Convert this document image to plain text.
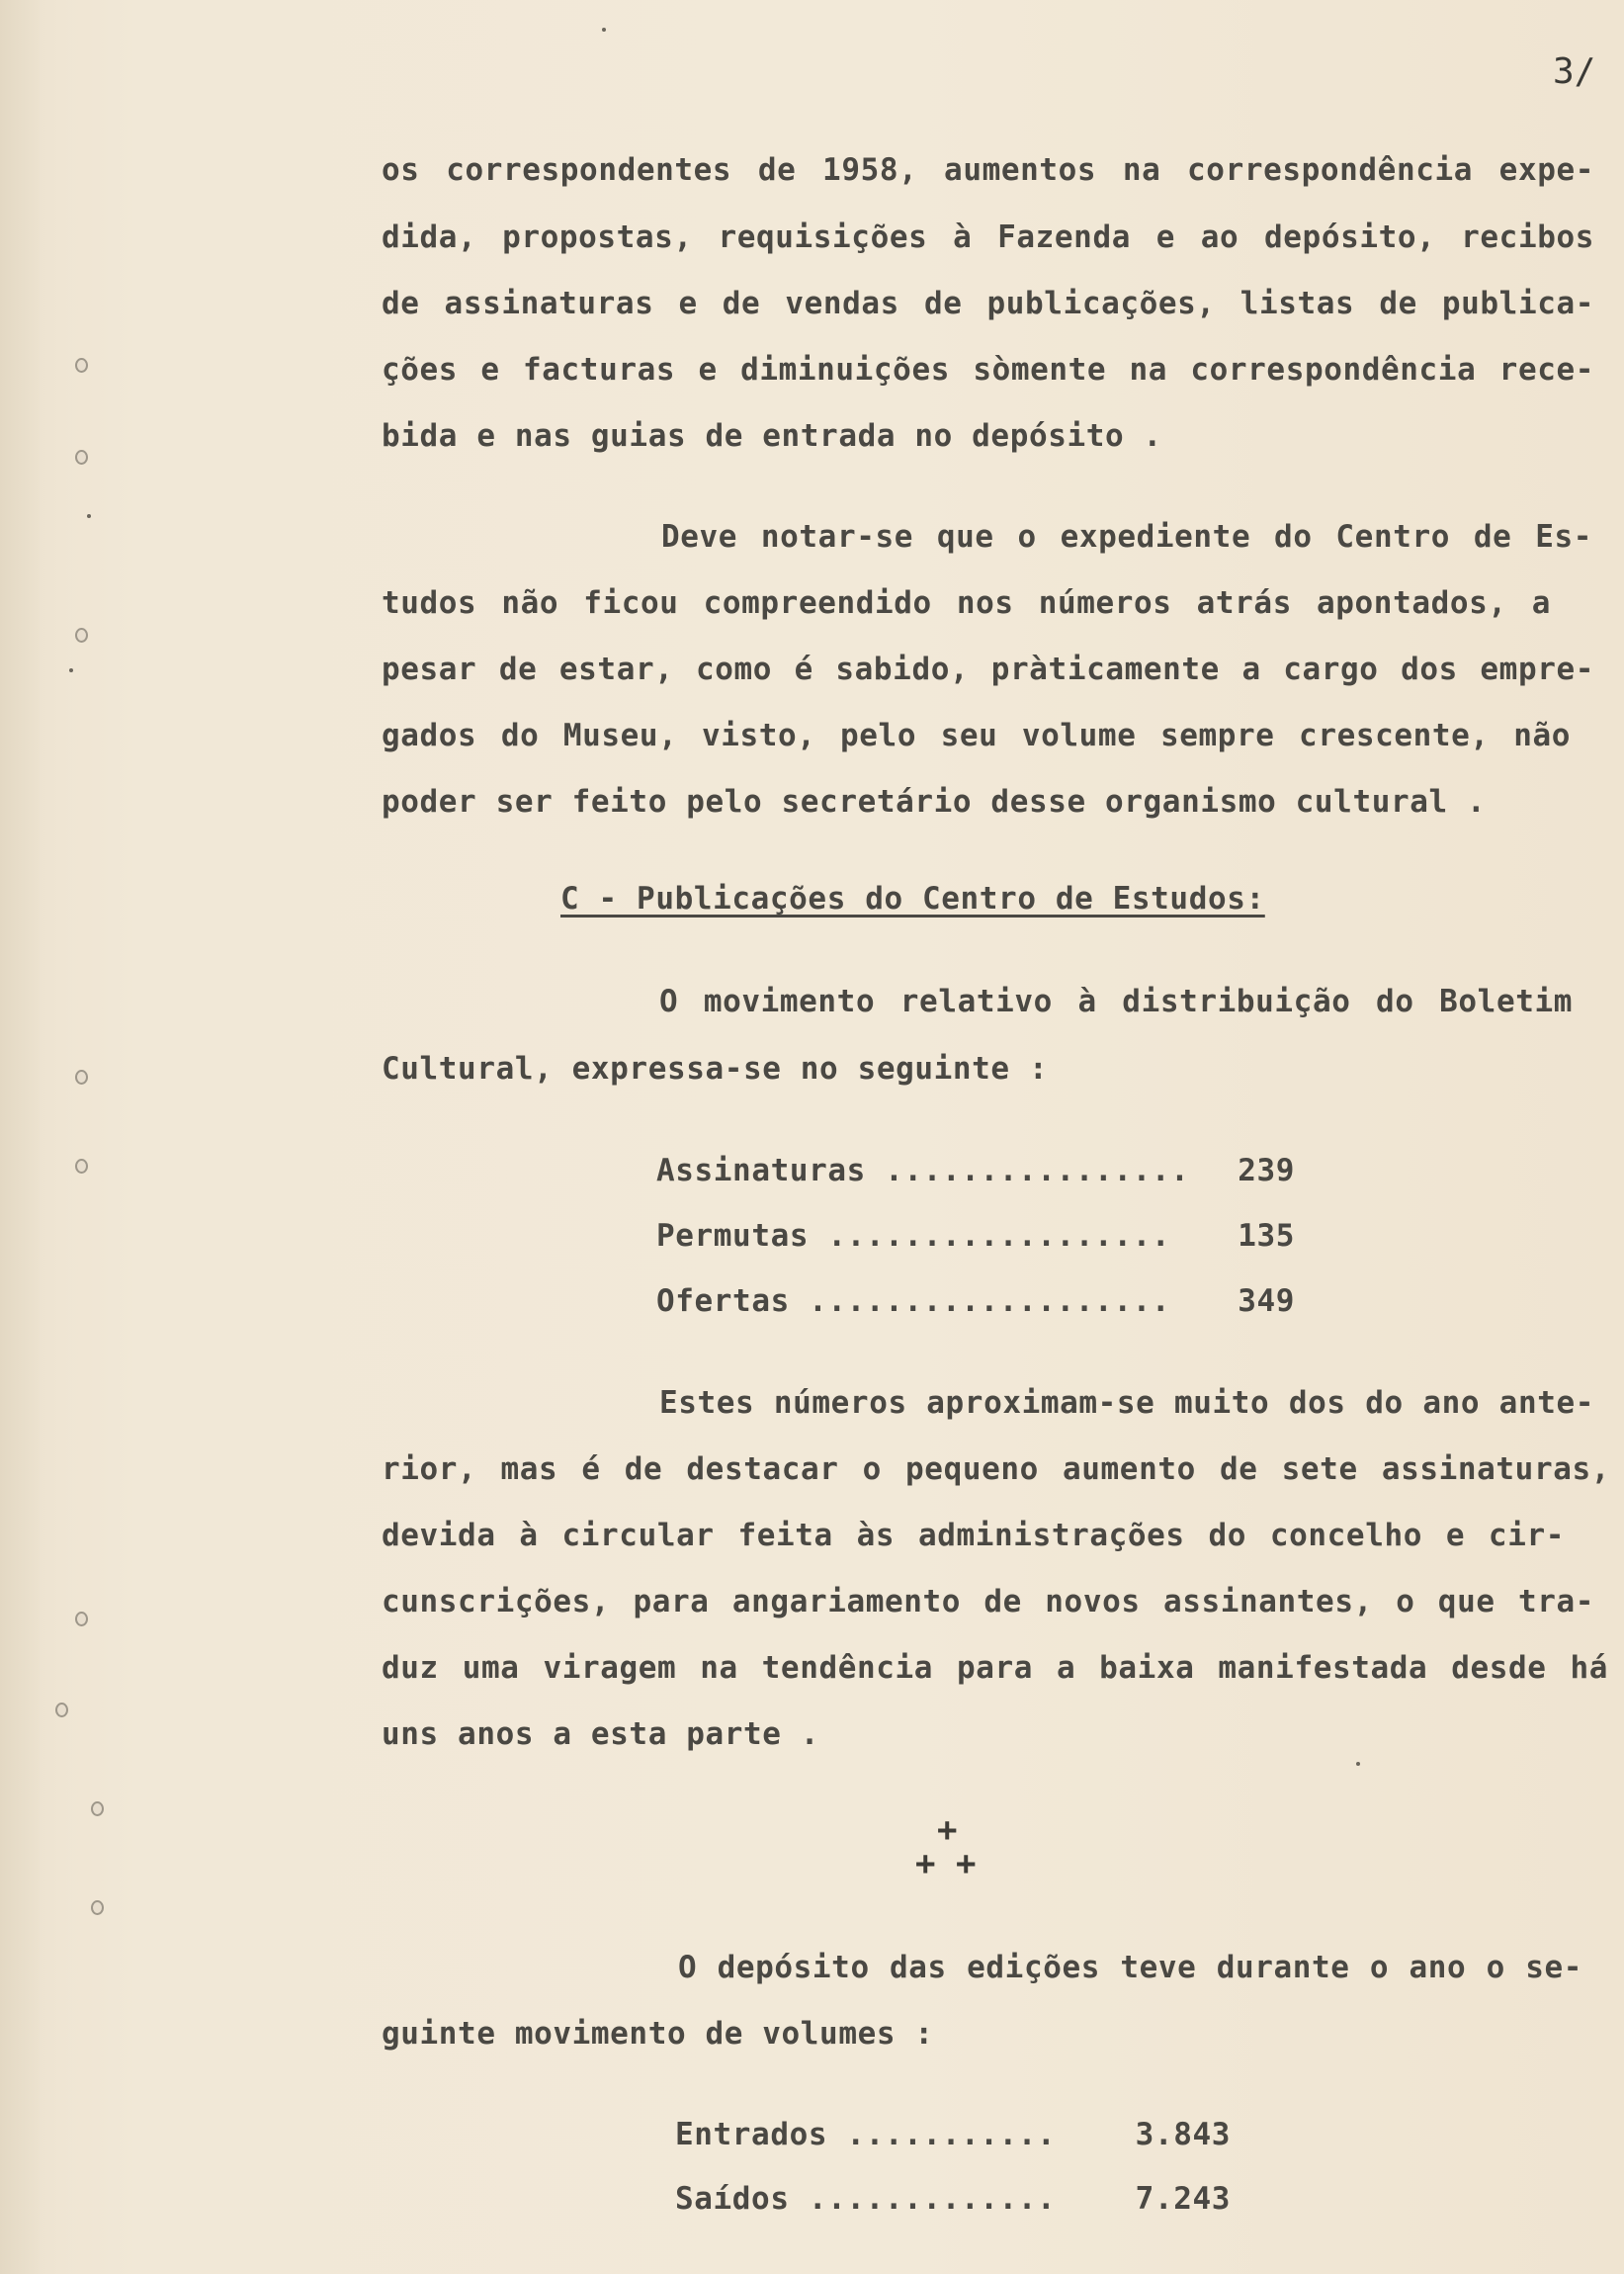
3/
os correspondentes de 1958, aumentos na correspondência expe-
dida, propostas, requisições à Fazenda e ao depósito, recibos
de assinaturas e de vendas de publicações, listas de publica-
ções e facturas e diminuições sòmente na correspondência rece-
bida e nas guias de entrada no depósito .
Deve notar-se que o expediente do Centro de Es-
tudos não ficou compreendido nos números atrás apontados, a
pesar de estar, como é sabido, pràticamente a cargo dos empre-
gados do Museu, visto, pelo seu volume sempre crescente, não
poder ser feito pelo secretário desse organismo cultural .
C - Publicações do Centro de Estudos:
O movimento relativo à distribuição do Boletim
Cultural, expressa-se no seguinte :
Assinaturas ................ 239
Permutas .................. 135
Ofertas ................... 349
Estes números aproximam-se muito dos do ano ante-
rior, mas é de destacar o pequeno aumento de sete assinaturas,
devida à circular feita às administrações do concelho e cir-
cunscrições, para angariamento de novos assinantes, o que tra-
duz uma viragem na tendência para a baixa manifestada desde há
uns anos a esta parte .
+
+ +
O depósito das edições teve durante o ano o se-
guinte movimento de volumes :
Entrados ...........	3.843
Saídos .............	7.243
